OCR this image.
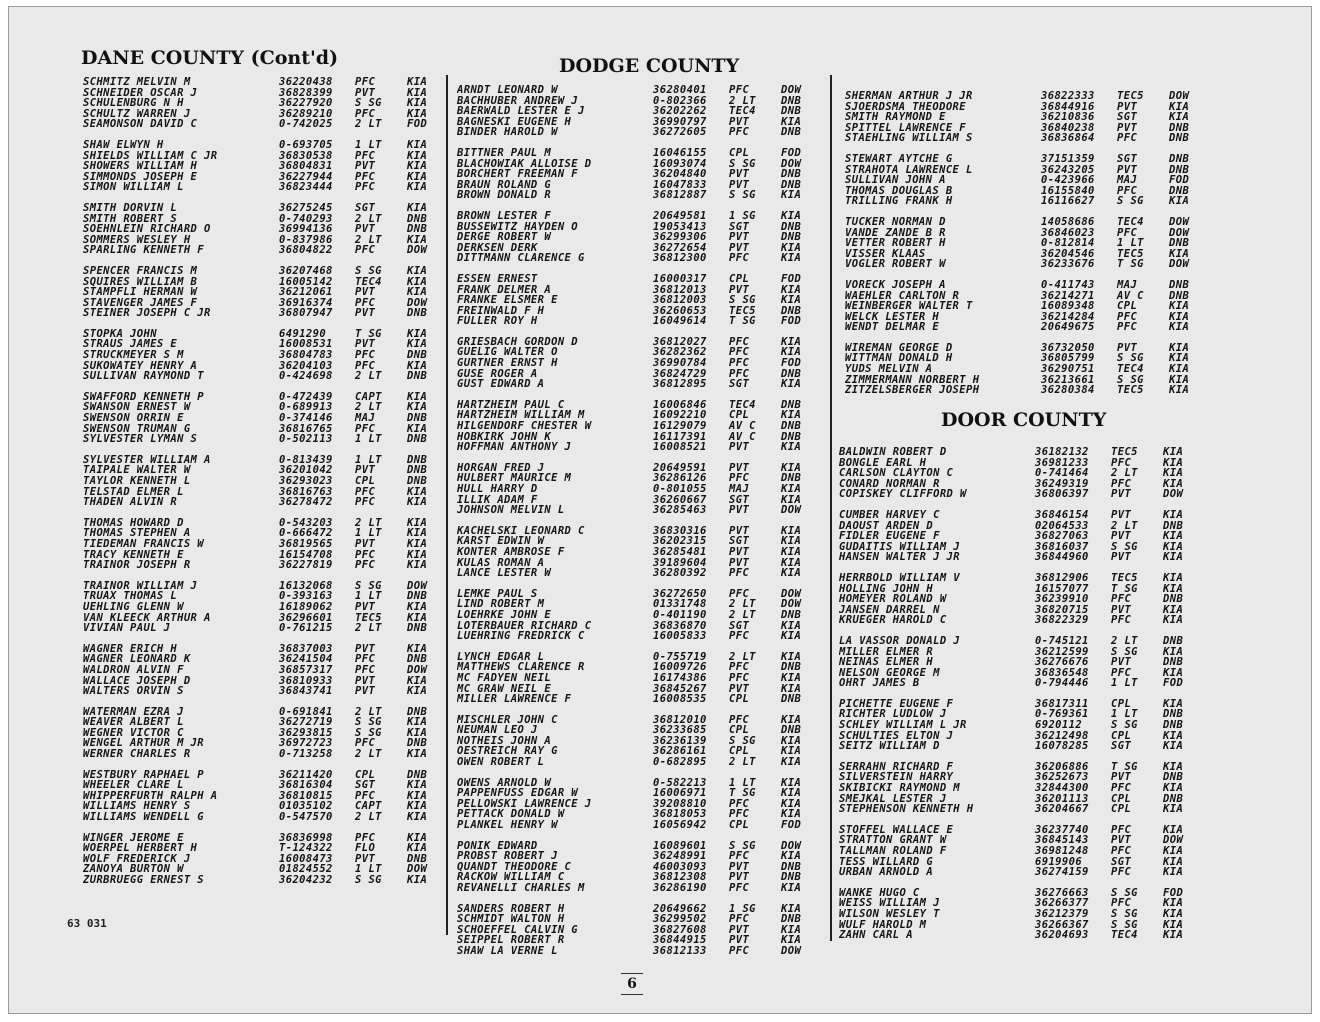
DANE COUNTY (Cont'd)
SCHMITZ MELVIN M	36220438	PFC	KIA
SCHNEIDER OSCAR J	36828399	PVT	KIA
SCHULENBURG N H	36227920	S SG	KIA
SCHULTZ WARREN J	36289210	PFC	KIA
SEAMONSON DAVID C	0-742025	2 LT	FOD
SHAW ELWYN H	0-693705	1 LT	KIA
SHIELDS WILLIAM C JR	36830538	PFC	KIA
SHOWERS WILLIAM H	36804831	PVT	KIA
SIMMONDS JOSEPH E	36227944	PFC	KIA
SIMON WILLIAM L	36823444	PFC	KIA
SMITH DORVIN L	36275245	SGT	KIA
SMITH ROBERT S	0-740293	2 LT	DNB
SOEHNLEIN RICHARD O	36994136	PVT	DNB
SOMMERS WESLEY H	0-837986	2 LT	KIA
SPARLING KENNETH F	36804822	PFC	DOW
SPENCER FRANCIS M	36207468	S SG	KIA
SQUIRES WILLIAM B	16005142	TEC4	KIA
STAMPFLI HERMAN W	36212061	PVT	KIA
STAVENGER JAMES F	36916374	PFC	DOW
STEINER JOSEPH C JR	36807947	PVT	DNB
STOPKA JOHN	6491290	T SG	KIA
STRAUS JAMES E	16008531	PVT	KIA
STRUCKMEYER S M	36804783	PFC	DNB
SUKOWATEY HENRY A	36204103	PFC	KIA
SULLIVAN RAYMOND T	0-424698	2 LT	DNB
SWAFFORD KENNETH P	0-472439	CAPT	KIA
SWANSON ERNEST W	0-689913	2 LT	KIA
SWENSON ORRIN E	0-374146	MAJ	DNB
SWENSON TRUMAN G	36816765	PFC	KIA
SYLVESTER LYMAN S	0-502113	1 LT	DNB
SYLVESTER WILLIAM A	0-813439	1 LT	DNB
TAIPALE WALTER W	36201042	PVT	DNB
TAYLOR KENNETH L	36293023	CPL	DNB
TELSTAD ELMER L	36816763	PFC	KIA
THADEN ALVIN R	36278472	PFC	KIA
THOMAS HOWARD D	0-543203	2 LT	KIA
THOMAS STEPHEN A	0-666472	1 LT	KIA
TIEDEMAN FRANCIS W	36819565	PVT	KIA
TRACY KENNETH E	16154708	PFC	KIA
TRAINOR JOSEPH R	36227819	PFC	KIA
TRAINOR WILLIAM J	16132068	S SG	DOW
TRUAX THOMAS L	0-393163	1 LT	DNB
UEHLING GLENN W	16189062	PVT	KIA
VAN KLEECK ARTHUR A	36296601	TEC5	KIA
VIVIAN PAUL J	0-761215	2 LT	DNB
WAGNER ERICH H	36837003	PVT	KIA
WAGNER LEONARD K	36241504	PFC	DNB
WALDRON ALVIN F	36857317	PFC	DOW
WALLACE JOSEPH D	36810933	PVT	KIA
WALTERS ORVIN S	36843741	PVT	KIA
WATERMAN EZRA J	0-691841	2 LT	DNB
WEAVER ALBERT L	36272719	S SG	KIA
WEGNER VICTOR C	36293815	S SG	KIA
WENGEL ARTHUR M JR	36972723	PFC	DNB
WERNER CHARLES R	0-713258	2 LT	KIA
WESTBURY RAPHAEL P	36211420	CPL	DNB
WHEELER CLARE L	36816304	SGT	KIA
WHIPPERFURTH RALPH A	36810815	PFC	KIA
WILLIAMS HENRY S	01035102	CAPT	KIA
WILLIAMS WENDELL G	0-547570	2 LT	KIA
WINGER JEROME E	36836998	PFC	KIA
WOERPEL HERBERT H	T-124322	FLO	KIA
WOLF FREDERICK J	16008473	PVT	DNB
ZANOYA BURTON W	01824552	1 LT	DOW
ZURBRUEGG ERNEST S	36204232	S SG	KIA
DODGE COUNTY
ARNDT LEONARD W	36280401	PFC	DOW
BACHHUBER ANDREW J	0-802366	2 LT	DNB
BAERWALD LESTER E J	36202262	TEC4	DNB
BAGNESKI EUGENE H	36990797	PVT	KIA
BINDER HAROLD W	36272605	PFC	DNB
BITTNER PAUL M	16046155	CPL	FOD
BLACHOWIAK ALLOISE D	16093074	S SG	DOW
BORCHERT FREEMAN F	36204840	PVT	DNB
BRAUN ROLAND G	16047833	PVT	DNB
BROWN DONALD R	36812887	S SG	KIA
BROWN LESTER F	20649581	1 SG	KIA
BUSSEWITZ HAYDEN O	19053413	SGT	DNB
DERGE ROBERT W	36299306	PVT	DNB
DERKSEN DERK	36272654	PVT	KIA
DITTMANN CLARENCE G	36812300	PFC	KIA
ESSEN ERNEST	16000317	CPL	FOD
FRANK DELMER A	36812013	PVT	KIA
FRANKE ELSMER E	36812003	S SG	KIA
FREINWALD F H	36260653	TEC5	DNB
FULLER ROY H	16049614	T SG	FOD
GRIESBACH GORDON D	36812027	PFC	KIA
GUELIG WALTER O	36282362	PFC	KIA
GURTNER ERNST H	36990784	PFC	FOD
GUSE ROGER A	36824729	PFC	DNB
GUST EDWARD A	36812895	SGT	KIA
HARTZHEIM PAUL C	16006846	TEC4	DNB
HARTZHEIM WILLIAM M	16092210	CPL	KIA
HILGENDORF CHESTER W	16129079	AV C	DNB
HOBKIRK JOHN K	16117391	AV C	DNB
HOFFMAN ANTHONY J	16008521	PVT	KIA
HORGAN FRED J	20649591	PVT	KIA
HULBERT MAURICE M	36286126	PFC	DNB
HULL HARRY D	0-801055	MAJ	KIA
ILLIK ADAM F	36260667	SGT	KIA
JOHNSON MELVIN L	36285463	PVT	DOW
KACHELSKI LEONARD C	36830316	PVT	KIA
KARST EDWIN W	36202315	SGT	KIA
KONTER AMBROSE F	36285481	PVT	KIA
KULAS ROMAN A	39189604	PVT	KIA
LANCE LESTER W	36280392	PFC	KIA
LEMKE PAUL S	36272650	PFC	DOW
LIND ROBERT M	01331748	2 LT	DOW
LOEHRKE JOHN E	0-401190	2 LT	DNB
LOTERBAUER RICHARD C	36836870	SGT	KIA
LUEHRING FREDRICK C	16005833	PFC	KIA
LYNCH EDGAR L	0-755719	2 LT	KIA
MATTHEWS CLARENCE R	16009726	PFC	DNB
MC FADYEN NEIL	16174386	PFC	KIA
MC GRAW NEIL E	36845267	PVT	KIA
MILLER LAWRENCE F	16008535	CPL	DNB
MISCHLER JOHN C	36812010	PFC	KIA
NEUMAN LEO J	36233685	CPL	DNB
NOTHEIS JOHN A	36236139	S SG	KIA
OESTREICH RAY G	36286161	CPL	KIA
OWEN ROBERT L	0-682895	2 LT	KIA
OWENS ARNOLD W	0-582213	1 LT	KIA
PAPPENFUSS EDGAR W	16006971	T SG	KIA
PELLOWSKI LAWRENCE J	39208810	PFC	KIA
PETTACK DONALD W	36818053	PFC	KIA
PLANKEL HENRY W	16056942	CPL	FOD
PONIK EDWARD	16089601	S SG	DOW
PROBST ROBERT J	36248991	PFC	KIA
QUANDT THEODORE C	46003093	PVT	DNB
RACKOW WILLIAM C	36812308	PVT	DNB
REVANELLI CHARLES M	36286190	PFC	KIA
SANDERS ROBERT H	20649662	1 SG	KIA
SCHMIDT WALTON H	36299502	PFC	DNB
SCHOEFFEL CALVIN G	36827608	PVT	KIA
SEIPPEL ROBERT R	36844915	PVT	KIA
SHAW LA VERNE L	36812133	PFC	DOW
SHERMAN ARTHUR J JR	36822333	TEC5	DOW
SJOERDSMA THEODORE	36844916	PVT	KIA
SMITH RAYMOND E	36210836	SGT	KIA
SPITTEL LAWRENCE F	36840238	PVT	DNB
STAEHLING WILLIAM S	36836864	PFC	DNB
STEWART AYTCHE G	37151359	SGT	DNB
STRAHOTA LAWRENCE L	36243205	PVT	DNB
SULLIVAN JOHN A	0-423966	MAJ	FOD
THOMAS DOUGLAS B	16155840	PFC	DNB
TRILLING FRANK H	16116627	S SG	KIA
TUCKER NORMAN D	14058686	TEC4	DOW
VANDE ZANDE B R	36846023	PFC	DOW
VETTER ROBERT H	0-812814	1 LT	DNB
VISSER KLAAS	36204546	TEC5	KIA
VOGLER ROBERT W	36233676	T SG	DOW
VORECK JOSEPH A	0-411743	MAJ	DNB
WAEHLER CARLTON R	36214271	AV C	DNB
WEINBERGER WALTER T	16089348	CPL	KIA
WELCK LESTER H	36214284	PFC	KIA
WENDT DELMAR E	20649675	PFC	KIA
WIREMAN GEORGE D	36732050	PVT	KIA
WITTMAN DONALD H	36805799	S SG	KIA
YUDS MELVIN A	36290751	TEC4	KIA
ZIMMERMANN NORBERT H	36213661	S SG	KIA
ZITZELSBERGER JOSEPH	36280384	TEC5	KIA
DOOR COUNTY
BALDWIN ROBERT D	36182132	TEC5	KIA
BONGLE EARL H	36981233	PFC	KIA
CARLSON CLAYTON C	0-741464	2 LT	KIA
CONARD NORMAN R	36249319	PFC	KIA
COPISKEY CLIFFORD W	36806397	PVT	DOW
CUMBER HARVEY C	36846154	PVT	KIA
DAOUST ARDEN D	02064533	2 LT	DNB
FIDLER EUGENE F	36827063	PVT	KIA
GUDAITIS WILLIAM J	36816037	S SG	KIA
HANSEN WALTER J JR	36844960	PVT	KIA
HERRBOLD WILLIAM V	36812906	TEC5	KIA
HOLLING JOHN H	16157077	T SG	KIA
HOMEYER ROLAND W	36239910	PFC	DNB
JANSEN DARREL N	36820715	PVT	KIA
KRUEGER HAROLD C	36822329	PFC	KIA
LA VASSOR DONALD J	0-745121	2 LT	DNB
MILLER ELMER R	36212599	S SG	KIA
NEINAS ELMER H	36276676	PVT	DNB
NELSON GEORGE M	36836548	PFC	KIA
OHRT JAMES B	0-794446	1 LT	FOD
PICHETTE EUGENE F	36817311	CPL	KIA
RICHTER LUDLOW J	0-769361	1 LT	DNB
SCHLEY WILLIAM L JR	6920112	S SG	DNB
SCHULTIES ELTON J	36212498	CPL	KIA
SEITZ WILLIAM D	16078285	SGT	KIA
SERRAHN RICHARD F	36206886	T SG	KIA
SILVERSTEIN HARRY	36252673	PVT	DNB
SKIBICKI RAYMOND M	32844300	PFC	KIA
SMEJKAL LESTER J	36201113	CPL	DNB
STEPHENSON KENNETH H	36204667	CPL	KIA
STOFFEL WALLACE E	36237740	PFC	KIA
STRATTON GRANT W	36845143	PVT	DOW
TALLMAN ROLAND F	36981248	PFC	KIA
TESS WILLARD G	6919906	SGT	KIA
URBAN ARNOLD A	36274159	PFC	KIA
WANKE HUGO C	36276663	S SG	FOD
WEISS WILLIAM J	36266377	PFC	KIA
WILSON WESLEY T	36212379	S SG	KIA
WULF HAROLD M	36266367	S SG	KIA
ZAHN CARL A	36204693	TEC4	KIA
63 031
6
